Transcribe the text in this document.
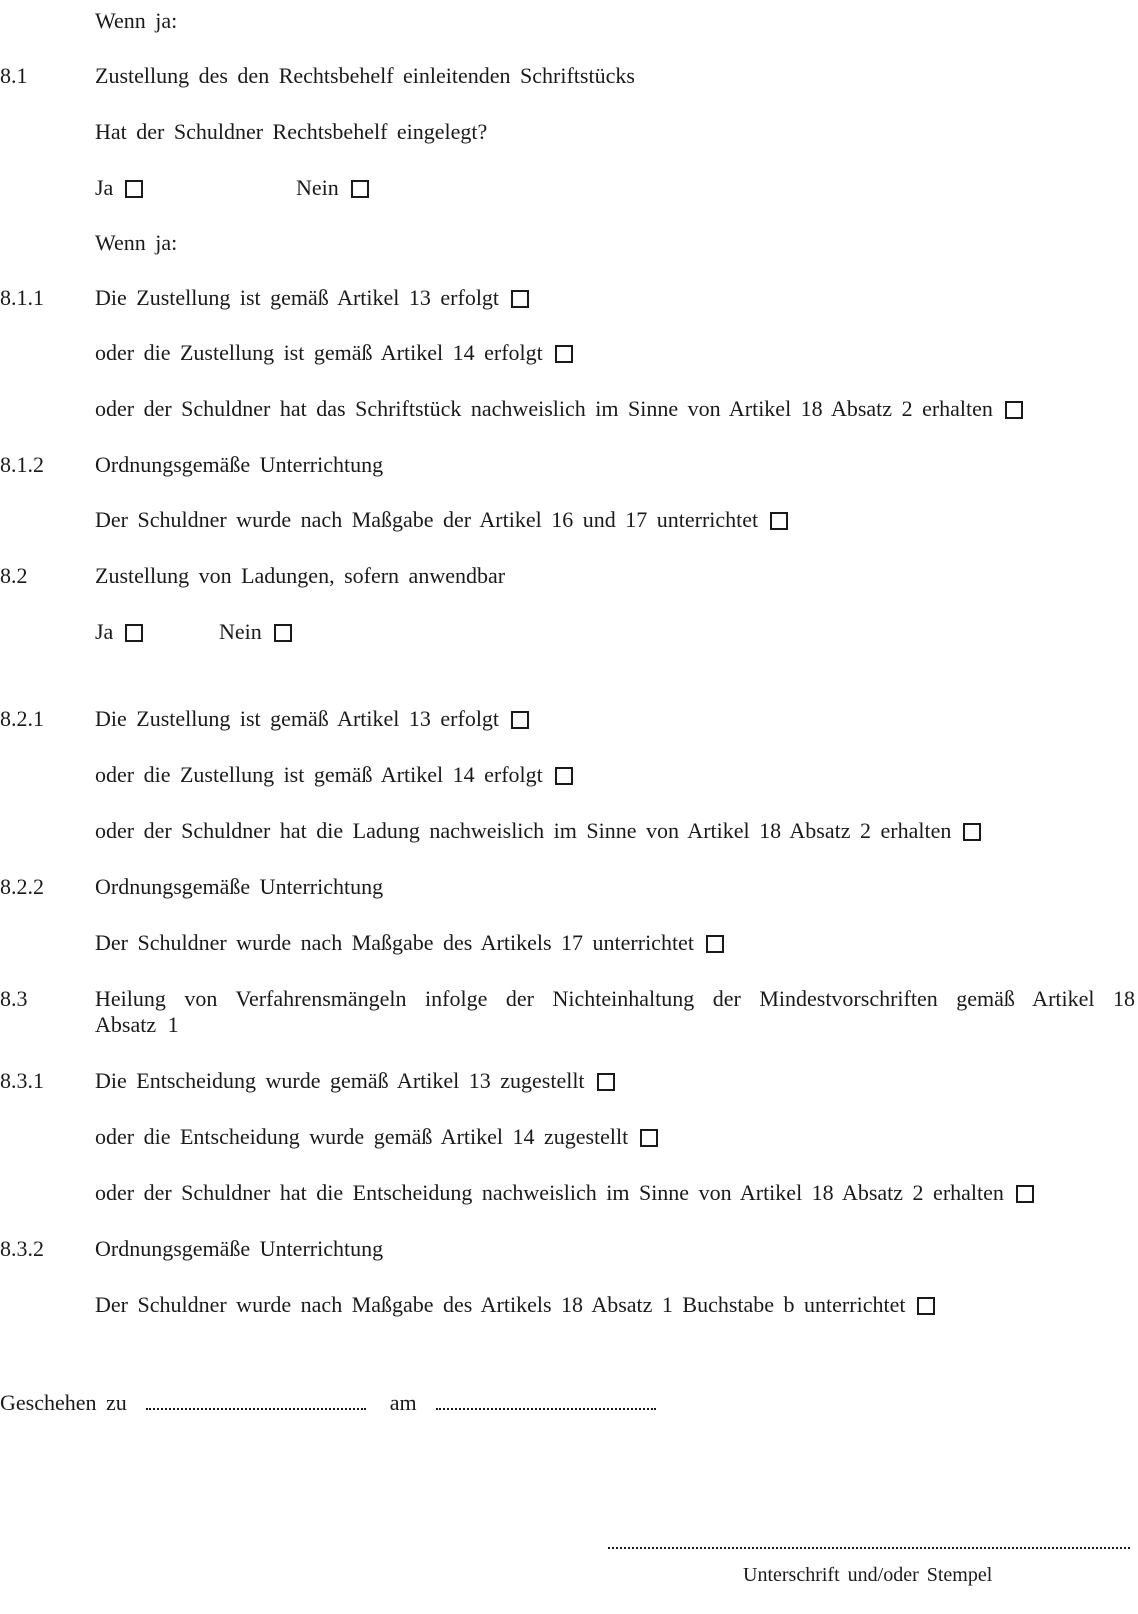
Wenn ja:
8.1	Zustellung des den Rechtsbehelf einleitenden Schriftstücks
Hat der Schuldner Rechtsbehelf eingelegt?
Ja	Nein
Wenn ja:
8.1.1 Die Zustellung ist gemäß Artikel 13 erfolgt
oder die Zustellung ist gemäß Artikel 14 erfolgt
oder der Schuldner hat das Schriftstück nachweislich im Sinne von Artikel 18 Absatz 2 erhalten
8.1.2 Ordnungsgemäße Unterrichtung
Der Schuldner wurde nach Maßgabe der Artikel 16 und 17 unterrichtet
8.2	Zustellung von Ladungen, sofern anwendbar
Ja	Nein
8.2.1 Die Zustellung ist gemäß Artikel 13 erfolgt
oder die Zustellung ist gemäß Artikel 14 erfolgt
oder der Schuldner hat die Ladung nachweislich im Sinne von Artikel 18 Absatz 2 erhalten
8.2.2 Ordnungsgemäße Unterrichtung
Der Schuldner wurde nach Maßgabe des Artikels 17 unterrichtet
8.3	Heilung von Verfahrensmängeln infolge der Nichteinhaltung der Mindestvorschriften gemäß Artikel 18 Absatz 1
8.3.1 Die Entscheidung wurde gemäß Artikel 13 zugestellt
oder die Entscheidung wurde gemäß Artikel 14 zugestellt
oder der Schuldner hat die Entscheidung nachweislich im Sinne von Artikel 18 Absatz 2 erhalten
8.3.2 Ordnungsgemäße Unterrichtung
Der Schuldner wurde nach Maßgabe des Artikels 18 Absatz 1 Buchstabe b unterrichtet
Geschehen zu	am
Unterschrift und/oder Stempel
